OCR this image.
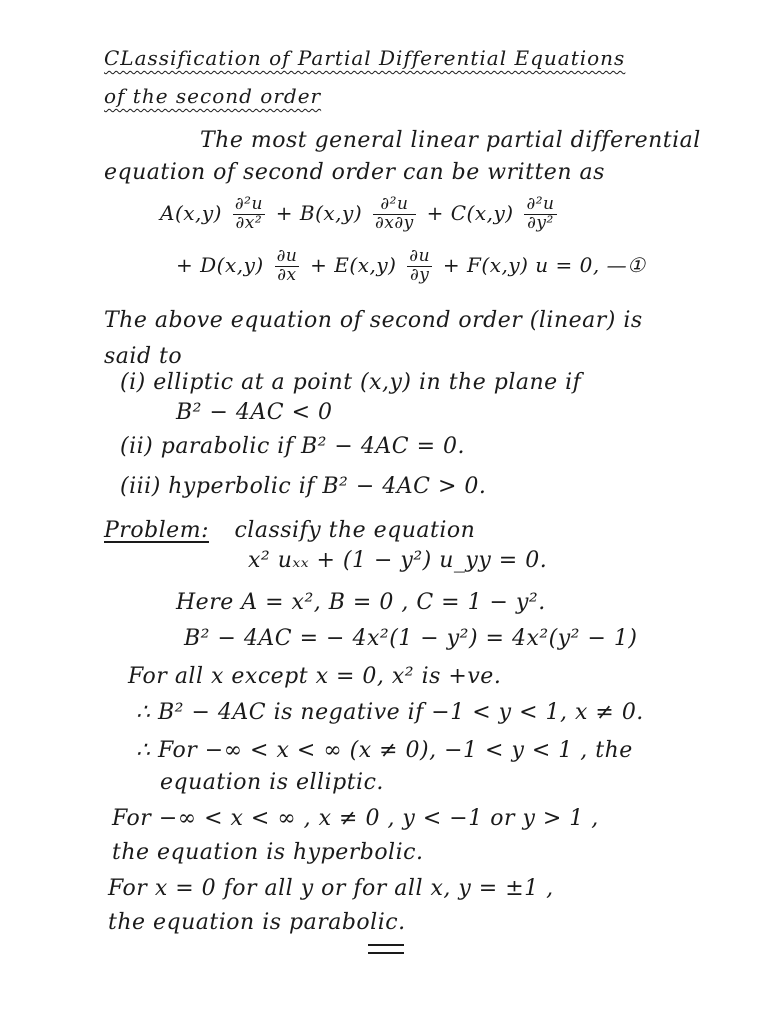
CLassification of Partial Differential Equations
of the second order
The most general linear partial differential
equation of second order can be written as
$A(x,y) \frac{\text{∂²u}}{\text{∂x²}} + B(x,y) \frac{\text{∂²u}}{\partial x\partial y} + C(x,y) \frac{\text{∂²u}}{\text{∂y²}}$
+ $D(x,y) \frac{\partial u}{\partial x} + E(x,y) \frac{\partial u}{\partial y} + F(x,y) u = 0$, —①
The above equation of second order (linear) is
said to
(i) elliptic at a point (x,y) in the plane if
B² − 4AC < 0
(ii) parabolic if B² − 4AC = 0.
(iii) hyperbolic if B² − 4AC > 0.
Problem: classify the equation
x² uₓₓ + (1 − y²) u_yy = 0.
Here A = x², B = 0 , C = 1 − y².
B² − 4AC = − 4x²(1 − y²) = 4x²(y² − 1)
For all x except x = 0, x² is +ve.
∴ B² − 4AC is negative if −1 < y < 1, x ≠ 0.
∴ For −∞ < x < ∞ (x ≠ 0), −1 < y < 1 , the
equation is elliptic.
For −∞ < x < ∞ , x ≠ 0 , y < −1 or y > 1 ,
the equation is hyperbolic.
For x = 0 for all y or for all x, y = ±1 ,
the equation is parabolic.
